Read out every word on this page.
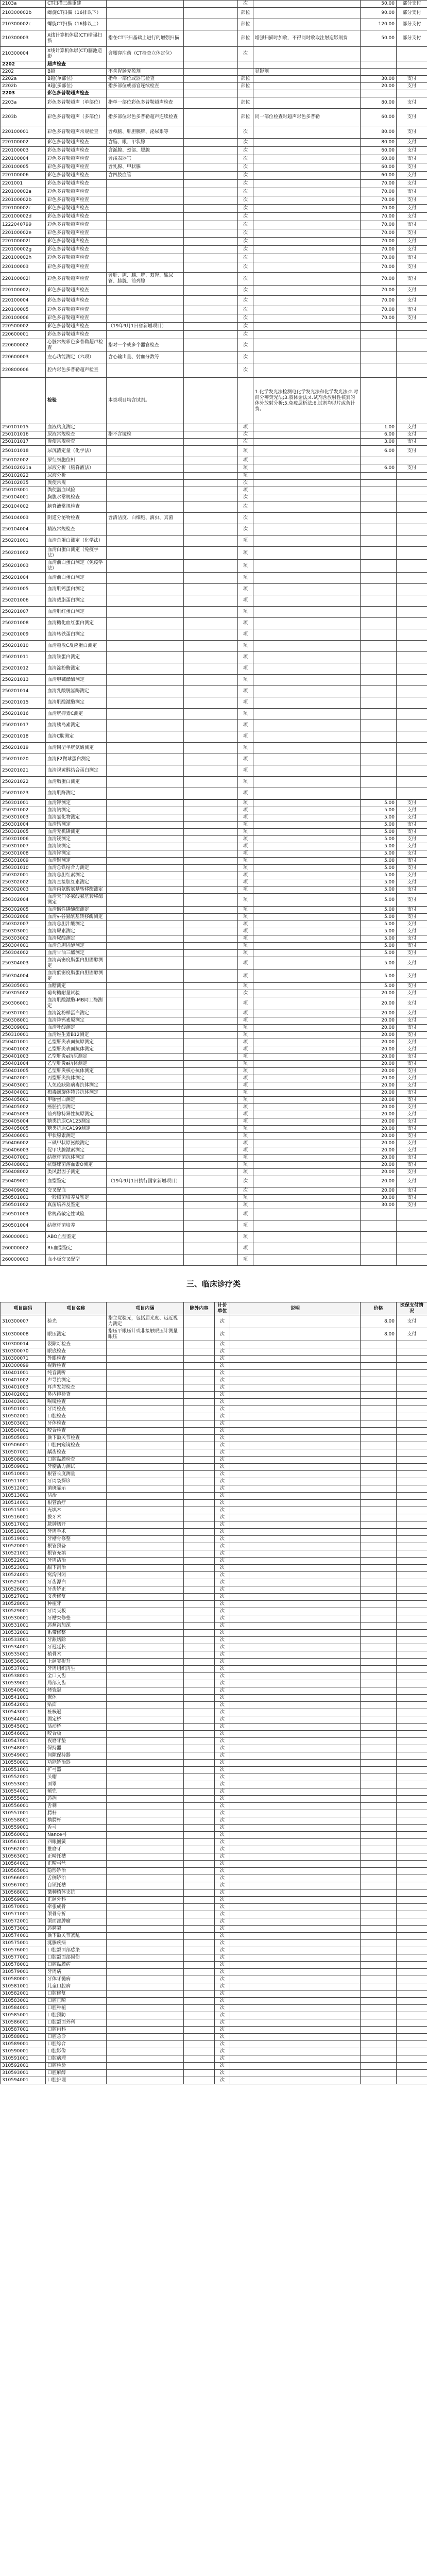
2103a	CT扫描三维重建			次		50.00	部分支付
210300002b	螺旋CT扫描（16排以下）			部位		90.00	部分支付
210300002c	螺旋CT扫描（16排以上）			部位		120.00	部分支付
210300003	X线计算机体层(CT)增强扫描	指在CT平扫基础上进行的增强扫描		部位	增强扫描时加收，不得同时收取注射造影剂费	50.00	部分支付
210300004	X线计算机体层(CT)脑池造影	含腰穿注药（CT检查立体定位）		次			
2202	超声检查						
2202	B超	不含胃肠充盈剂			显影剂		
2202a	B超(单部位)	指单一部位或器官检查		部位		30.00	支付
2202b	B超(多部位)	指多部位或器官连续检查		部位		20.00	支付
2203	彩色多普勒超声检查						
2203a	彩色多普勒超声（单部位）	指单一部位彩色多普勒超声检查		部位		80.00	支付
2203b	彩色多普勒超声（多部位）	指多部位彩色多普勒超声连续检查		部位	同一部位检查时超声彩色多普勒	60.00	支付
220100001	彩色多普勒超声常规检查	含颅脑、肝胆胰脾、泌尿系等		次		80.00	支付
220100002	彩色多普勒超声检查	含脑、眼、甲状腺		次		80.00	支付
220100003	彩色多普勒超声检查	含涎腺、颈部、腮腺		次		60.00	支付
220100004	彩色多普勒超声检查	含浅表器官		次		60.00	支付
220100005	彩色多普勒超声检查	含乳腺、甲状腺		次		60.00	支付
220100006	彩色多普勒超声检查	含四肢血管		次		60.00	支付
2201001	彩色多普勒超声检查			次		70.00	支付
220100002a	彩色多普勒超声检查			次		70.00	支付
220100002b	彩色多普勒超声检查			次		70.00	支付
220100002c	彩色多普勒超声检查			次		70.00	支付
220100002d	彩色多普勒超声检查			次		70.00	支付
1222040799	彩色多普勒超声检查			次		70.00	支付
220100002e	彩色多普勒超声检查			次		70.00	支付
220100002f	彩色多普勒超声检查			次		70.00	支付
220100002g	彩色多普勒超声检查			次		70.00	支付
220100002h	彩色多普勒超声检查			次		70.00	支付
220100003	彩色多普勒超声检查			次		70.00	支付
220100002i	彩色多普勒超声检查	含肝、胆、胰、脾、双肾、输尿管、膀胱、前列腺		次		70.00	支付
220100002j	彩色多普勒超声检查			次		70.00	支付
220100004	彩色多普勒超声检查			次		70.00	支付
220100005	彩色多普勒超声检查			次		70.00	支付
220100006	彩色多普勒超声检查			次		70.00	支付
220500002	彩色多普勒超声检查	（19年9月1日省新增项目）		次			
220600001	彩色多普勒超声检查			次			
220600002	心脏常规彩色多普勒超声检查	指对一个或多个器官检查		次			
220600003	左心功能测定（六项）	含心输出量、射血分数等		次			
220800006	腔内彩色多普勒超声检查			次			
	检验	本类项目均含试剂。			1.化学发光法检测电化学发光法和化学发光法;2.时间分辨荧光法;3.胶体金法;4.试剂含放射性核素的体外放射分析;5.免疫层析法;6.试剂均以片或条计费。		
250101015	血液粘度测定			项		1.00	支付
250101016	尿液常规检查	指不含镜检		次		6.00	支付
250101017	粪便常规检查			次		3.00	支付
250101018	尿沉渣定量（化学法）			项		6.00	支付
250102002	尿红细胞位相			项			
250102021a	尿液分析（脑脊液法）			项		6.00	支付
250102022	尿液分析			项			
250102035	粪便常规			次			
250103001	粪便潜血试验			项			
250104001	胸腹水常规检查			次			
250104002	脑脊液常规检查			次			
250104003	阴道分泌物检查	含清洁度、白细胞、滴虫、真菌		次			
250104004	精液常规检查			次			
250201001	血清总蛋白测定（化学法）			项			
250201002	血清白蛋白测定（免疫学法）			项			
250201003	血清前白蛋白测定（免疫学法）			项			
250201004	血清前白蛋白测定			项			
250201005	血清肌钙蛋白测定			项			
250201006	血清载脂蛋白测定			项			
250201007	血清肌红蛋白测定			项			
250201008	血清糖化血红蛋白测定			项			
250201009	血清转铁蛋白测定			项			
250201010	血清超敏C反应蛋白测定			项			
250201011	血清铁蛋白测定			项			
250201012	血清淀粉酶测定			项			
250201013	血清胆碱酯酶测定			项			
250201014	血清乳酸脱氢酶测定			项			
250201015	血清肌酸激酶测定			项			
250201016	血清胱抑素C测定			项			
250201017	血清胰岛素测定			项			
250201018	血清C肽测定			项			
250201019	血清同型半胱氨酸测定			项			
250201020	血清β2微球蛋白测定			项			
250201021	血清视黄醇结合蛋白测定			项			
250201022	血清脂蛋白测定			项			
250201023	血清肌酐测定			项			
250301001	血清钾测定			项		5.00	支付
250301002	血清钠测定			项		5.00	支付
250301003	血清氯化物测定			项		5.00	支付
250301004	血清钙测定			项		5.00	支付
250301005	血清无机磷测定			项		5.00	支付
250301006	血清镁测定			项		5.00	支付
250301007	血清铁测定			项		5.00	支付
250301008	血清锌测定			项		5.00	支付
250301009	血清铜测定			项		5.00	支付
250301010	血清总铁结合力测定			项		5.00	支付
250302001	血清总胆红素测定			项		5.00	支付
250302002	血清直接胆红素测定			项		5.00	支付
250302003	血清丙氨酸氨基转移酶测定			项		5.00	支付
250302004	血清天门冬氨酸氨基转移酶测定			项		5.00	支付
250302005	血清碱性磷酸酶测定			项		5.00	支付
250302006	血清γ-谷氨酰基转移酶测定			项		5.00	支付
250302007	血清总胆汁酸测定			项		5.00	支付
250303001	血清尿素测定			项		5.00	支付
250303002	血清尿酸测定			项		5.00	支付
250304001	血清总胆固醇测定			项		5.00	支付
250304002	血清甘油三酯测定			项		5.00	支付
250304003	血清高密度脂蛋白胆固醇测定			项		5.00	支付
250304004	血清低密度脂蛋白胆固醇测定			项		5.00	支付
250305001	血糖测定			项		5.00	支付
250305002	葡萄糖耐量试验			次		20.00	支付
250306001	血清肌酸激酶-MB同工酶测定			项		20.00	支付
250307001	血清淀粉样蛋白测定			项		20.00	支付
250308001	血清降钙素原测定			项		20.00	支付
250309001	血清叶酸测定			项		20.00	支付
250310001	血清维生素B12测定			项		20.00	支付
250401001	乙型肝炎表面抗原测定			项		20.00	支付
250401002	乙型肝炎表面抗体测定			项		20.00	支付
250401003	乙型肝炎e抗原测定			项		20.00	支付
250401004	乙型肝炎e抗体测定			项		20.00	支付
250401005	乙型肝炎核心抗体测定			项		20.00	支付
250402001	丙型肝炎抗体测定			项		20.00	支付
250403001	人免疫缺陷病毒抗体测定			项		20.00	支付
250404001	梅毒螺旋体特异抗体测定			项		20.00	支付
250405001	甲胎蛋白测定			项		20.00	支付
250405002	癌胚抗原测定			项		20.00	支付
250405003	前列腺特异性抗原测定			项		20.00	支付
250405004	糖类抗原CA125测定			项		20.00	支付
250405005	糖类抗原CA199测定			项		20.00	支付
250406001	甲状腺素测定			项		20.00	支付
250406002	三碘甲状原氨酸测定			项		20.00	支付
250406003	促甲状腺激素测定			项		20.00	支付
250407001	结核杆菌抗体测定			项		20.00	支付
250408001	抗链球菌溶血素O测定			项		20.00	支付
250408002	类风湿因子测定			项		20.00	支付
250409001	血型鉴定	（19年9月1日执行国家新增项目）		次		20.00	支付
250409002	交叉配血			次		20.00	支付
250501001	一般细菌培养及鉴定			项		30.00	支付
250501002	真菌培养及鉴定			项		30.00	支付
250501003	常规药敏定性试验			项			
250501004	结核杆菌培养			项			
260000001	ABO血型鉴定			项			
260000002	Rh血型鉴定			项			
260000003	血小板交叉配型			项			
三、临床诊疗类
项目编码	项目名称	项目内涵	除外内容	计价单位	说明	价格	医保支付情况
310300007	验光	指主觉验光，包括屈光度、远近视力测定		次		8.00	支付
310300008	眼压测定	指压平眼压计或非接触眼压计测量眼压		次		8.00	支付
310300014	裂隙灯检查			次			
310300070	眼底检查			次			
310300071	外眼检查			次			
310300099	视野检查			次			
310401001	纯音测听			次			
310401002	声导抗测定			次			
310401003	耳声发射检查			次			
310402001	鼻内镜检查			次			
310403001	喉镜检查			次			
310501001	牙周检查			次			
310502001	口腔检查			次			
310503001	牙体检查			次			
310504001	咬合检查			次			
310505001	颞下颌关节检查			次			
310506001	口腔内窥镜检查			次			
310507001	龋齿检查			次			
310508001	口腔黏膜检查			次			
310509001	牙髓活力测试			次			
310510001	根管长度测量			次			
310511001	牙周袋探诊			次			
310512001	菌斑显示			次			
310513001	洁治			次			
310514001	根管治疗			次			
310515001	充填术			次			
310516001	拔牙术			次			
310517001	脓肿切开			次			
310518001	牙周手术			次			
310519001	牙槽骨修整			次			
310520001	根管预备			次			
310521001	根管充填			次			
310522001	牙周洁治			次			
310523001	龈下刮治			次			
310524001	窝沟封闭			次			
310525001	牙齿漂白			次			
310526001	牙齿矫正			次			
310527001	义齿修复			次			
310528001	种植牙			次			
310529001	牙周夹板			次			
310530001	牙槽突修整			次			
310531001	唇颊沟加深			次			
310532001	系带修整			次			
310533001	牙龈切除			次			
310534001	牙冠延长			次			
310535001	植骨术			次			
310536001	上颌窦提升			次			
310537001	牙周组织再生			次			
310538001	全口义齿			次			
310539001	局部义齿			次			
310540001	烤瓷冠			次			
310541001	嵌体			次			
310542001	贴面			次			
310543001	桩核冠			次			
310544001	固定桥			次			
310545001	活动桥			次			
310546001	咬合板			次			
310547001	夜磨牙垫			次			
310548001	保持器			次			
310549001	间隙保持器			次			
310550001	功能矫治器			次			
310551001	扩弓器			次			
310552001	头帽			次			
310553001	面罩			次			
310554001	颏兜			次			
310555001	唇挡			次			
310556001	舌刺			次			
310557001	腭杆			次			
310558001	横腭杆			次			
310559001	舌弓			次			
310560001	Nance弓			次			
310561001	四眼圈簧			次			
310562001	推磨牙			次			
310563001	正畸托槽			次			
310564001	正畸弓丝			次			
310565001	隐形矫治			次			
310566001	舌侧矫治			次			
310567001	自锁托槽			次			
310568001	微种植体支抗			次			
310569001	正颌外科			次			
310570001	牵张成骨			次			
310571001	颌骨骨折			次			
310572001	颌面部肿瘤			次			
310573001	唇腭裂			次			
310574001	颞下颌关节紊乱			次			
310575001	涎腺疾病			次			
310576001	口腔颌面部感染			次			
310577001	口腔颌面部损伤			次			
310578001	口腔黏膜病			次			
310579001	牙周病			次			
310580001	牙体牙髓病			次			
310581001	儿童口腔病			次			
310582001	口腔修复			次			
310583001	口腔正畸			次			
310584001	口腔种植			次			
310585001	口腔预防			次			
310586001	口腔颌面外科			次			
310587001	口腔内科			次			
310588001	口腔急诊			次			
310589001	口腔综合			次			
310590001	口腔影像			次			
310591001	口腔病理			次			
310592001	口腔检验			次			
310593001	口腔麻醉			次			
310594001	口腔护理			次			
